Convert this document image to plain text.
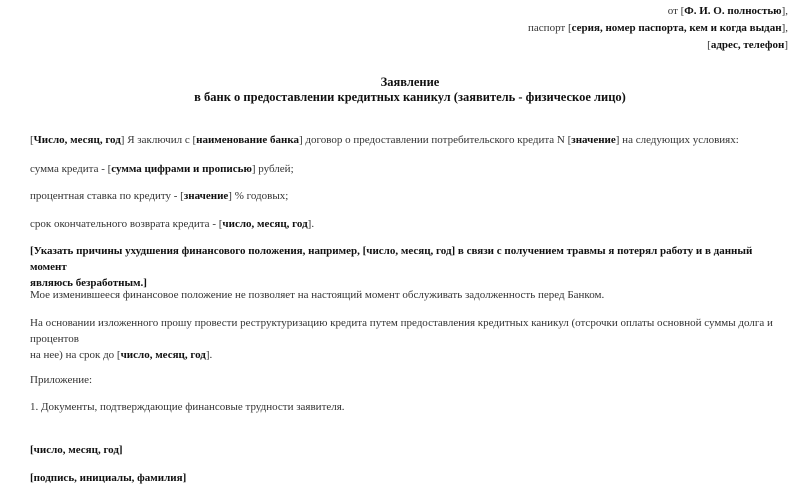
от [Ф. И. О. полностью],
паспорт [серия, номер паспорта, кем и когда выдан],
[адрес, телефон]
Заявление
в банк о предоставлении кредитных каникул (заявитель - физическое лицо)
[Число, месяц, год] Я заключил с [наименование банка] договор о предоставлении потребительского кредита N [значение] на следующих условиях:
сумма кредита - [сумма цифрами и прописью] рублей;
процентная ставка по кредиту - [значение] % годовых;
срок окончательного возврата кредита - [число, месяц, год].
[Указать причины ухудшения финансового положения, например, [число, месяц, год] в связи с получением травмы я потерял работу и в данный момент
являюсь безработным.]
Мое изменившееся финансовое положение не позволяет на настоящий момент обслуживать задолженность перед Банком.
На основании изложенного прошу провести реструктуризацию кредита путем предоставления кредитных каникул (отсрочки оплаты основной суммы долга и процентов
на нее) на срок до [число, месяц, год].
Приложение:
1. Документы, подтверждающие финансовые трудности заявителя.
[число, месяц, год]
[подпись, инициалы, фамилия]
